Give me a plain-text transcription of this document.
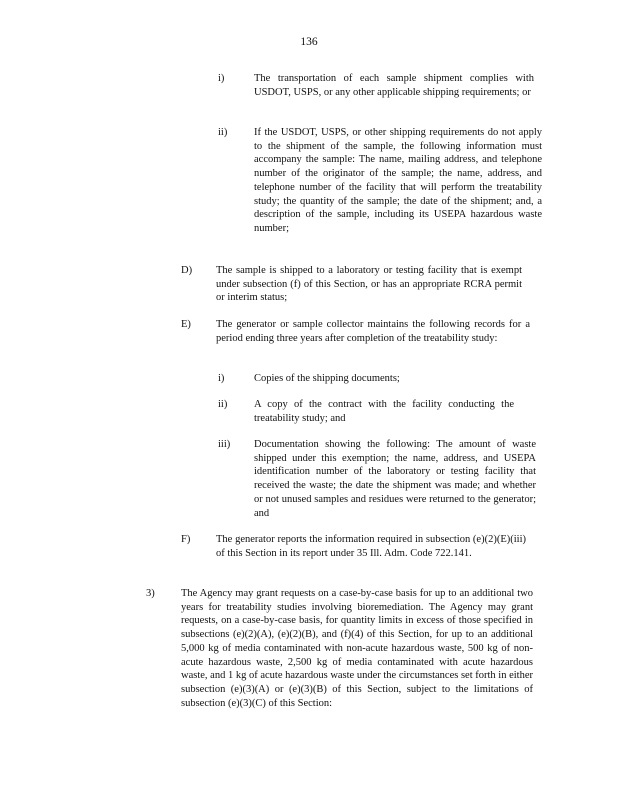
136
i)	The transportation of each sample shipment complies with USDOT, USPS, or any other applicable shipping requirements; or
ii)	If the USDOT, USPS, or other shipping requirements do not apply to the shipment of the sample, the following information must accompany the sample: The name, mailing address, and telephone number of the originator of the sample; the name, address, and telephone number of the facility that will perform the treatability study; the quantity of the sample; the date of the shipment; and, a description of the sample, including its USEPA hazardous waste number;
D) The sample is shipped to a laboratory or testing facility that is exempt under subsection (f) of this Section, or has an appropriate RCRA permit or interim status;
E) The generator or sample collector maintains the following records for a period ending three years after completion of the treatability study:
i)	Copies of the shipping documents;
ii)	A copy of the contract with the facility conducting the treatability study; and
iii) Documentation showing the following: The amount of waste shipped under this exemption; the name, address, and USEPA identification number of the laboratory or testing facility that received the waste; the date the shipment was made; and whether or not unused samples and residues were returned to the generator; and
F) The generator reports the information required in subsection (e)(2)(E)(iii) of this Section in its report under 35 Ill. Adm. Code 722.141.
3)	The Agency may grant requests on a case-by-case basis for up to an additional two years for treatability studies involving bioremediation. The Agency may grant requests, on a case-by-case basis, for quantity limits in excess of those specified in subsections (e)(2)(A), (e)(2)(B), and (f)(4) of this Section, for up to an additional 5,000 kg of media contaminated with non-acute hazardous waste, 500 kg of non-acute hazardous waste, 2,500 kg of media contaminated with acute hazardous waste, and 1 kg of acute hazardous waste under the circumstances set forth in either subsection (e)(3)(A) or (e)(3)(B) of this Section, subject to the limitations of subsection (e)(3)(C) of this Section:
